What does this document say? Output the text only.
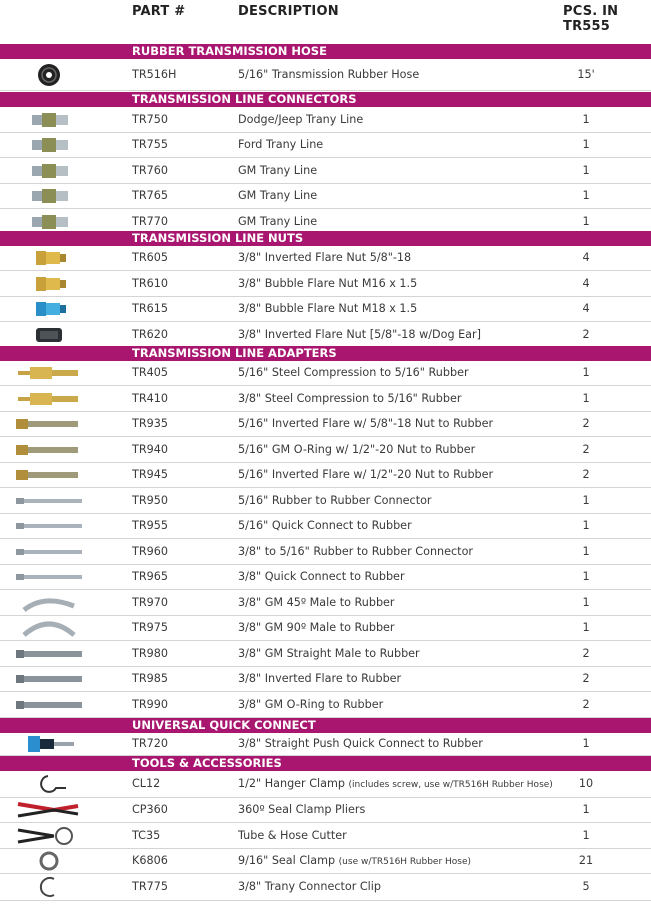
PART #	DESCRIPTION	PCS. IN
TR555
RUBBER TRANSMISSION HOSE
TR516H	5/16" Transmission Rubber Hose	15'
TRANSMISSION LINE CONNECTORS
TR750	Dodge/Jeep Trany Line	1
TR755	Ford Trany Line	1
TR760	GM Trany Line	1
TR765	GM Trany Line	1
TR770	GM Trany Line	1
TRANSMISSION LINE NUTS
TR605	3/8" Inverted Flare Nut 5/8"-18	4
TR610	3/8" Bubble Flare Nut M16 x 1.5	4
TR615	3/8" Bubble Flare Nut M18 x 1.5	4
TR620	3/8" Inverted Flare Nut [5/8"-18 w/Dog Ear]	2
TRANSMISSION LINE ADAPTERS
TR405	5/16" Steel Compression to 5/16" Rubber	1
TR410	3/8" Steel Compression to 5/16" Rubber	1
TR935	5/16" Inverted Flare w/ 5/8"-18 Nut to Rubber	2
TR940	5/16" GM O-Ring w/ 1/2"-20 Nut to Rubber	2
TR945	5/16" Inverted Flare w/ 1/2"-20 Nut to Rubber	2
TR950	5/16" Rubber to Rubber Connector	1
TR955	5/16" Quick Connect to Rubber	1
TR960	3/8" to 5/16" Rubber to Rubber Connector	1
TR965	3/8" Quick Connect to Rubber	1
TR970	3/8" GM 45º Male to Rubber	1
TR975	3/8" GM 90º Male to Rubber	1
TR980	3/8" GM Straight Male to Rubber	2
TR985	3/8" Inverted Flare to Rubber	2
TR990	3/8" GM O-Ring to Rubber	2
UNIVERSAL QUICK CONNECT
TR720	3/8" Straight Push Quick Connect to Rubber	1
TOOLS & ACCESSORIES
CL12	1/2" Hanger Clamp (includes screw, use w/TR516H Rubber Hose)	10
CP360	360º Seal Clamp Pliers	1
TC35	Tube & Hose Cutter	1
K6806	9/16" Seal Clamp (use w/TR516H Rubber Hose)	21
TR775	3/8" Trany Connector Clip	5
